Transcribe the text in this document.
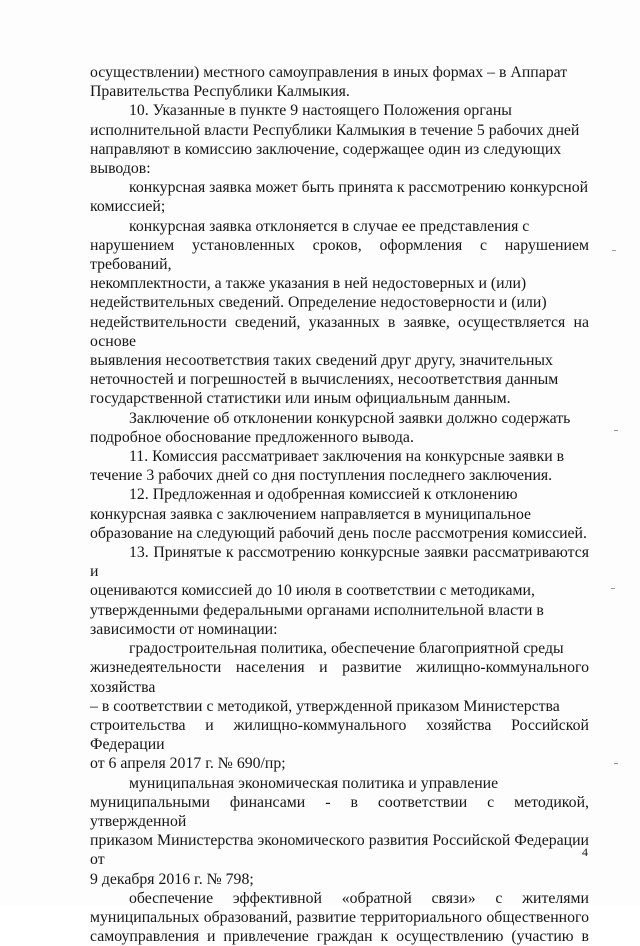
осуществлении) местного самоуправления в иных формах – в Аппарат
Правительства Республики Калмыкия.

10. Указанные в пункте 9 настоящего Положения органы
исполнительной власти Республики Калмыкия в течение 5 рабочих дней
направляют в комиссию заключение, содержащее один из следующих
выводов:

конкурсная заявка может быть принята к рассмотрению конкурсной
комиссией;

конкурсная заявка отклоняется в случае ее представления с
нарушением установленных сроков, оформления с нарушением требований,
некомплектности, а также указания в ней недостоверных и (или)
недействительных сведений. Определение недостоверности и (или)
недействительности сведений, указанных в заявке, осуществляется на основе
выявления несоответствия таких сведений друг другу, значительных
неточностей и погрешностей в вычислениях, несоответствия данным
государственной статистики или иным официальным данным.

Заключение об отклонении конкурсной заявки должно содержать
подробное обоснование предложенного вывода.

11. Комиссия рассматривает заключения на конкурсные заявки в
течение 3 рабочих дней со дня поступления последнего заключения.

12. Предложенная и одобренная комиссией к отклонению
конкурсная заявка с заключением направляется в муниципальное
образование на следующий рабочий день после рассмотрения комиссией.

13. Принятые к рассмотрению конкурсные заявки рассматриваются и
оцениваются комиссией до 10 июля в соответствии с методиками,
утвержденными федеральными органами исполнительной власти в
зависимости от номинации:

градостроительная политика, обеспечение благоприятной среды
жизнедеятельности населения и развитие жилищно-коммунального хозяйства
– в соответствии с методикой, утвержденной приказом Министерства
строительства и жилищно-коммунального хозяйства Российской Федерации
от 6 апреля 2017 г. № 690/пр;

муниципальная экономическая политика и управление
муниципальными финансами - в соответствии с методикой, утвержденной
приказом Министерства экономического развития Российской Федерации от
9 декабря 2016 г. № 798;

обеспечение эффективной «обратной связи» с жителями
муниципальных образований, развитие территориального общественного
самоуправления и привлечение граждан к осуществлению (участию в

4
